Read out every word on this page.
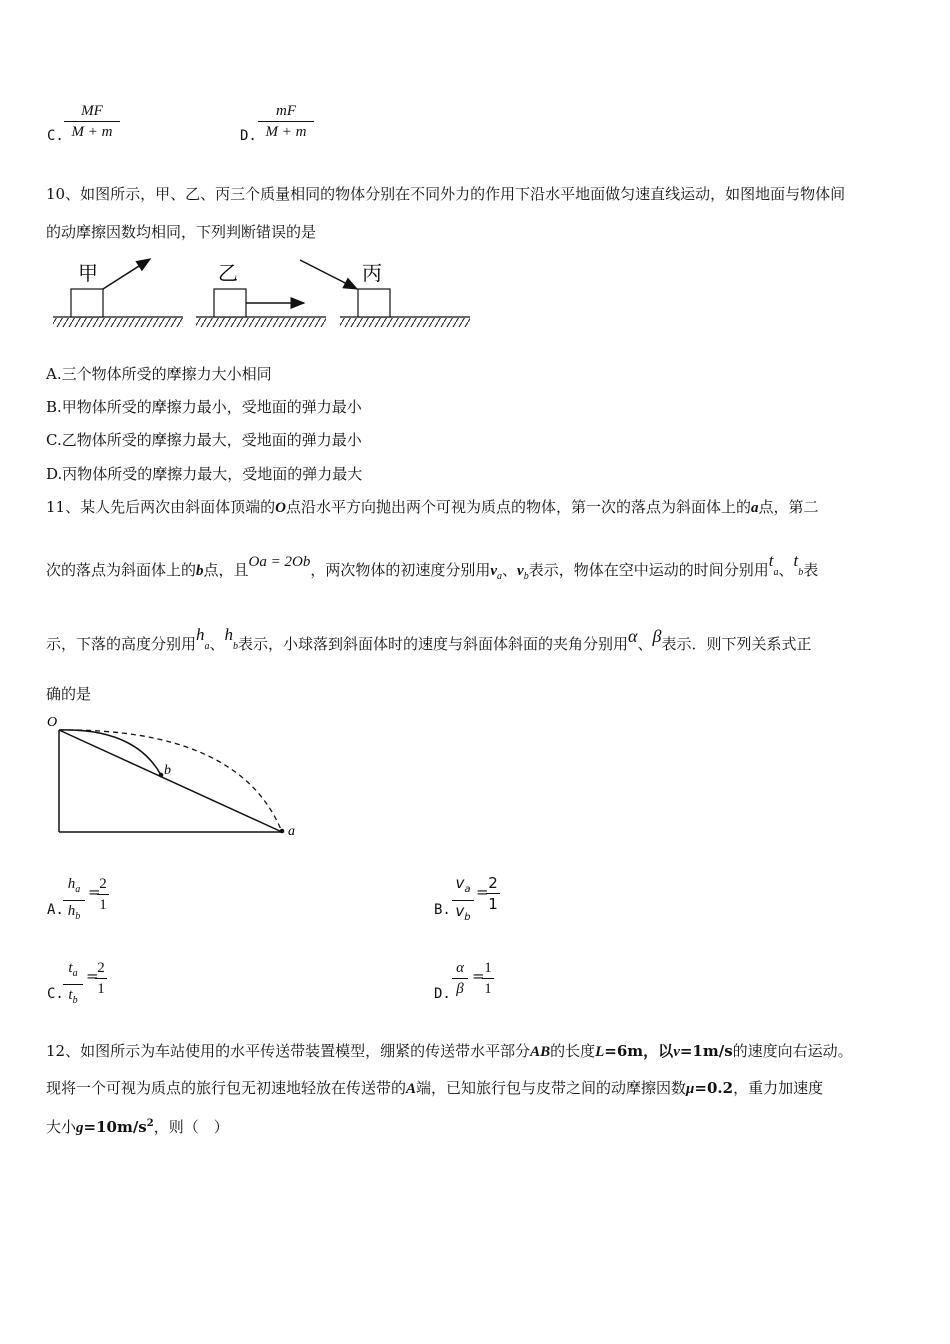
C.
MF
M + m	D.
mF
M + m
10、如图所示，甲、乙、丙三个质量相同的物体分别在不同外力的作用下沿水平地面做匀速直线运动，如图地面与物体间
的动摩擦因数均相同，下列判断错误的是
甲	乙	丙
A.三个物体所受的摩擦力大小相同
B.甲物体所受的摩擦力最小，受地面的弹力最小
C.乙物体所受的摩擦力最大，受地面的弹力最小
D.丙物体所受的摩擦力最大，受地面的弹力最大
11、某人先后两次由斜面体顶端的O点沿水平方向抛出两个可视为质点的物体，第一次的落点为斜面体上的a点，第二
次的落点为斜面体上的b点，且Oa = 2Ob，两次物体的初速度分别用$v_a$、$v_b$表示，物体在空中运动的时间分别用$t_a$、$t_b$表
示，下落的高度分别用$h_a$、$h_b$表示，小球落到斜面体时的速度与斜面体斜面的夹角分别用α、β表示．则下列关系式正
确的是
O
b
a
A.
$h_a$
$h_b$
=
2
1	B.
$v_a$
$v_b$
= 2
1
C.
$t_a$
$t_b$
=
2
1	D.
α
β
= 1
1
12、如图所示为车站使用的水平传送带装置模型，绷紧的传送带水平部分AB的长度L=6m，以v=1m/s的速度向右运动。
现将一个可视为质点的旅行包无初速地轻放在传送带的A端，已知旅行包与皮带之间的动摩擦因数μ=0.2，重力加速度
大小$g=10m/s^2$，则（　）
